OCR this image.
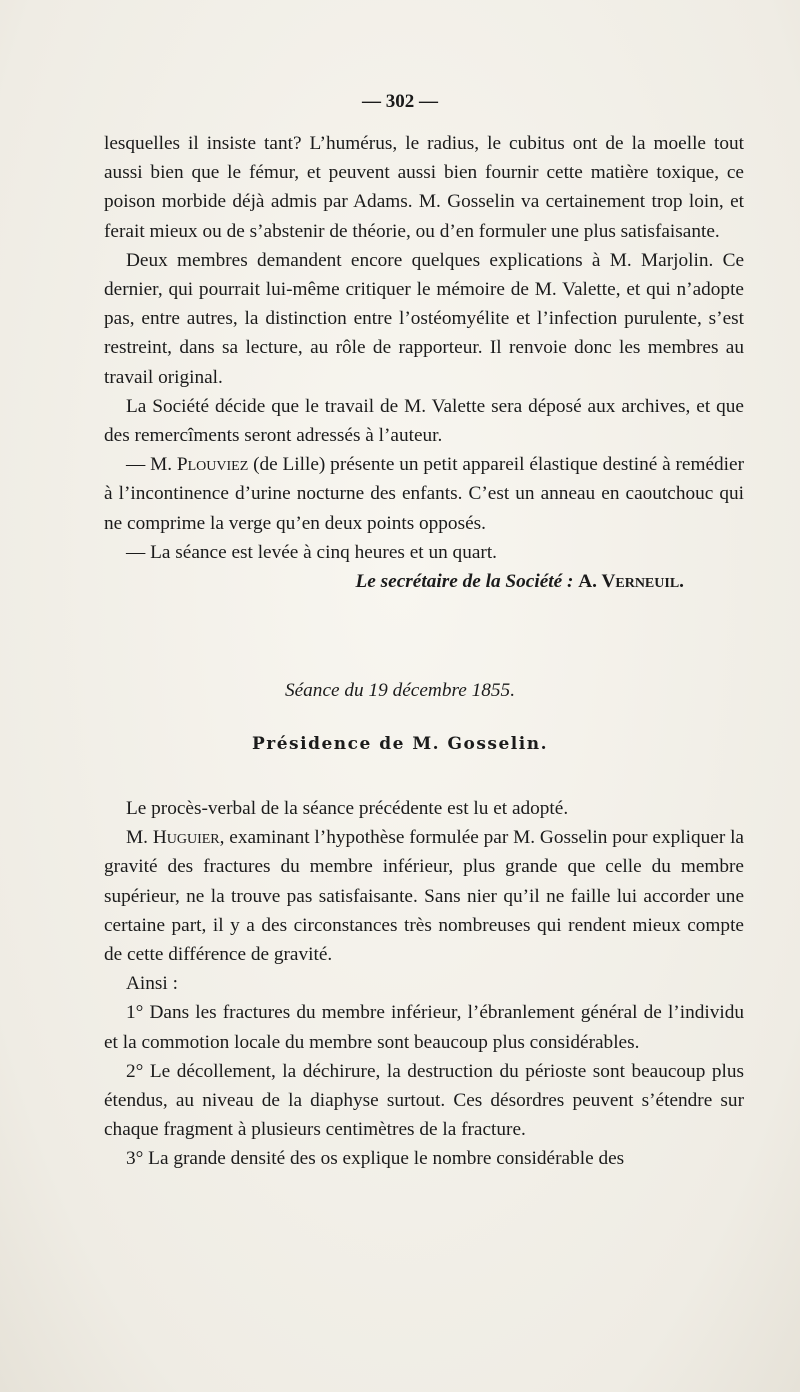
— 302 —

lesquelles il insiste tant? L’humérus, le radius, le cubitus ont de la moelle tout aussi bien que le fémur, et peuvent aussi bien fournir cette matière toxique, ce poison morbide déjà admis par Adams. M. Gosselin va certainement trop loin, et ferait mieux ou de s’abstenir de théorie, ou d’en formuler une plus satisfaisante.

Deux membres demandent encore quelques explications à M. Marjolin. Ce dernier, qui pourrait lui-même critiquer le mémoire de M. Valette, et qui n’adopte pas, entre autres, la distinction entre l’ostéomyélite et l’infection purulente, s’est restreint, dans sa lecture, au rôle de rapporteur. Il renvoie donc les membres au travail original.

La Société décide que le travail de M. Valette sera déposé aux archives, et que des remercîments seront adressés à l’auteur.

— M. Plouviez (de Lille) présente un petit appareil élastique destiné à remédier à l’incontinence d’urine nocturne des enfants. C’est un anneau en caoutchouc qui ne comprime la verge qu’en deux points opposés.

— La séance est levée à cinq heures et un quart.

Le secrétaire de la Société : A. Verneuil.

Séance du 19 décembre 1855.
Présidence de M. Gosselin.

Le procès-verbal de la séance précédente est lu et adopté.

M. Huguier, examinant l’hypothèse formulée par M. Gosselin pour expliquer la gravité des fractures du membre inférieur, plus grande que celle du membre supérieur, ne la trouve pas satisfaisante. Sans nier qu’il ne faille lui accorder une certaine part, il y a des circonstances très nombreuses qui rendent mieux compte de cette différence de gravité.

Ainsi :

1° Dans les fractures du membre inférieur, l’ébranlement général de l’individu et la commotion locale du membre sont beaucoup plus considérables.

2° Le décollement, la déchirure, la destruction du périoste sont beaucoup plus étendus, au niveau de la diaphyse surtout. Ces désordres peuvent s’étendre sur chaque fragment à plusieurs centimètres de la fracture.

3° La grande densité des os explique le nombre considérable des
